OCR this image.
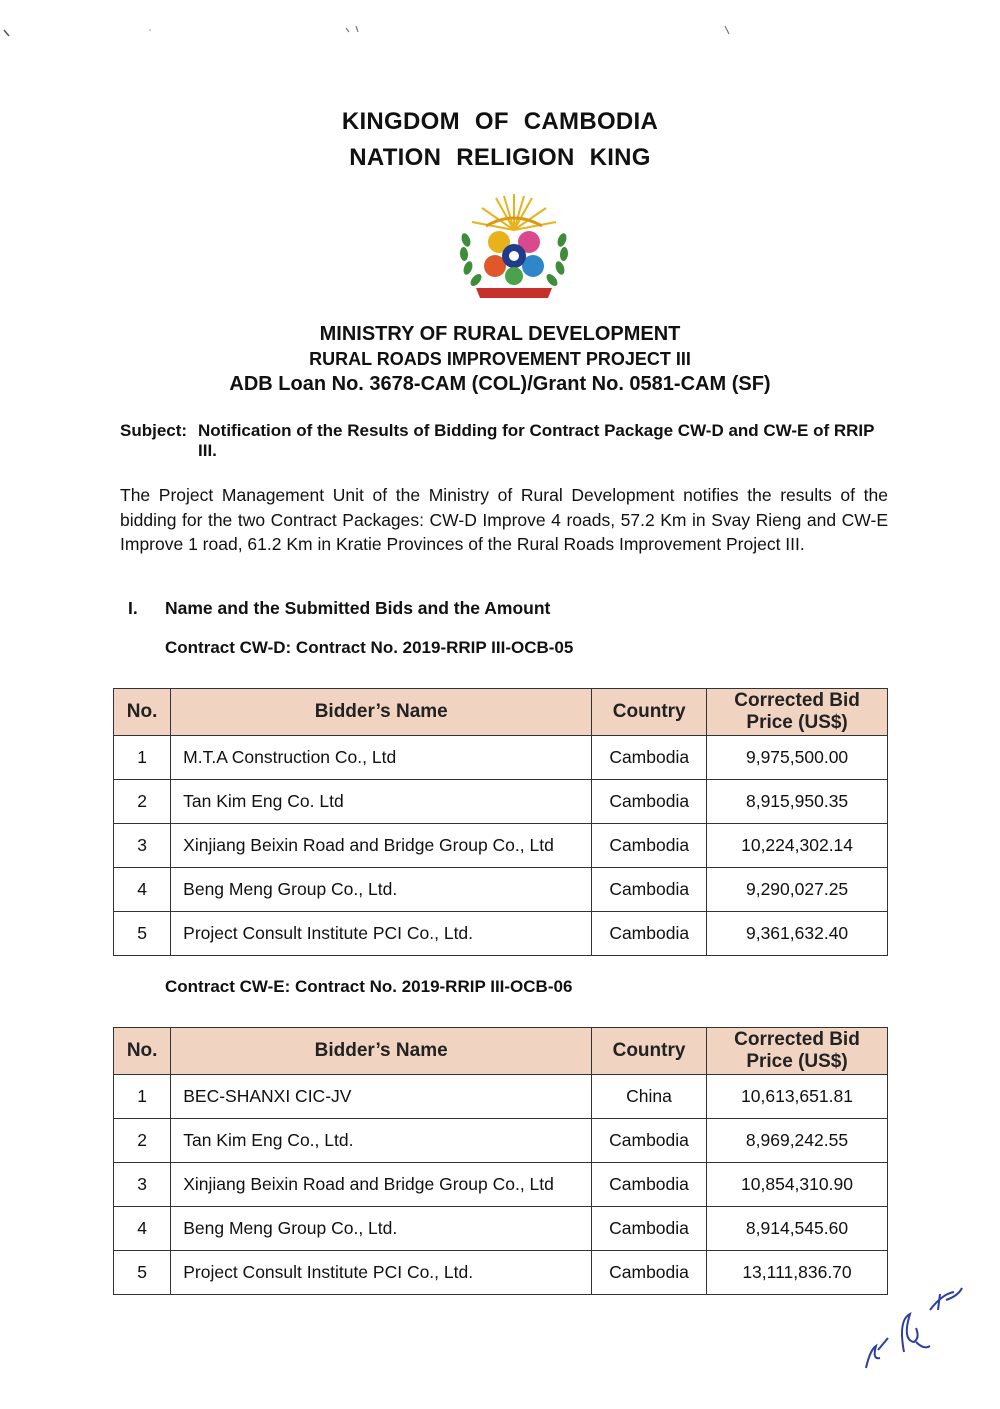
KINGDOM OF CAMBODIA
NATION RELIGION KING
MINISTRY OF RURAL DEVELOPMENT
RURAL ROADS IMPROVEMENT PROJECT III
ADB Loan No. 3678-CAM (COL)/Grant No. 0581-CAM (SF)
Subject: Notification of the Results of Bidding for Contract Package CW-D and CW-E of RRIP III.
The Project Management Unit of the Ministry of Rural Development notifies the results of the bidding for the two Contract Packages: CW-D Improve 4 roads, 57.2 Km in Svay Rieng and CW-E Improve 1 road, 61.2 Km in Kratie Provinces of the Rural Roads Improvement Project III.
I. Name and the Submitted Bids and the Amount
Contract CW-D: Contract No. 2019-RRIP III-OCB-05
No.	Bidder’s Name	Country	Corrected Bid
Price (US$)

1	M.T.A Construction Co., Ltd	Cambodia	9,975,500.00
2	Tan Kim Eng Co. Ltd	Cambodia	8,915,950.35
3	Xinjiang Beixin Road and Bridge Group Co., Ltd	Cambodia	10,224,302.14
4	Beng Meng Group Co., Ltd.	Cambodia	9,290,027.25
5	Project Consult Institute PCI Co., Ltd.	Cambodia	9,361,632.40
Contract CW-E: Contract No. 2019-RRIP III-OCB-06
No.	Bidder’s Name	Country	Corrected Bid
Price (US$)

1	BEC-SHANXI CIC-JV	China	10,613,651.81
2	Tan Kim Eng Co., Ltd.	Cambodia	8,969,242.55
3	Xinjiang Beixin Road and Bridge Group Co., Ltd	Cambodia	10,854,310.90
4	Beng Meng Group Co., Ltd.	Cambodia	8,914,545.60
5	Project Consult Institute PCI Co., Ltd.	Cambodia	13,111,836.70
